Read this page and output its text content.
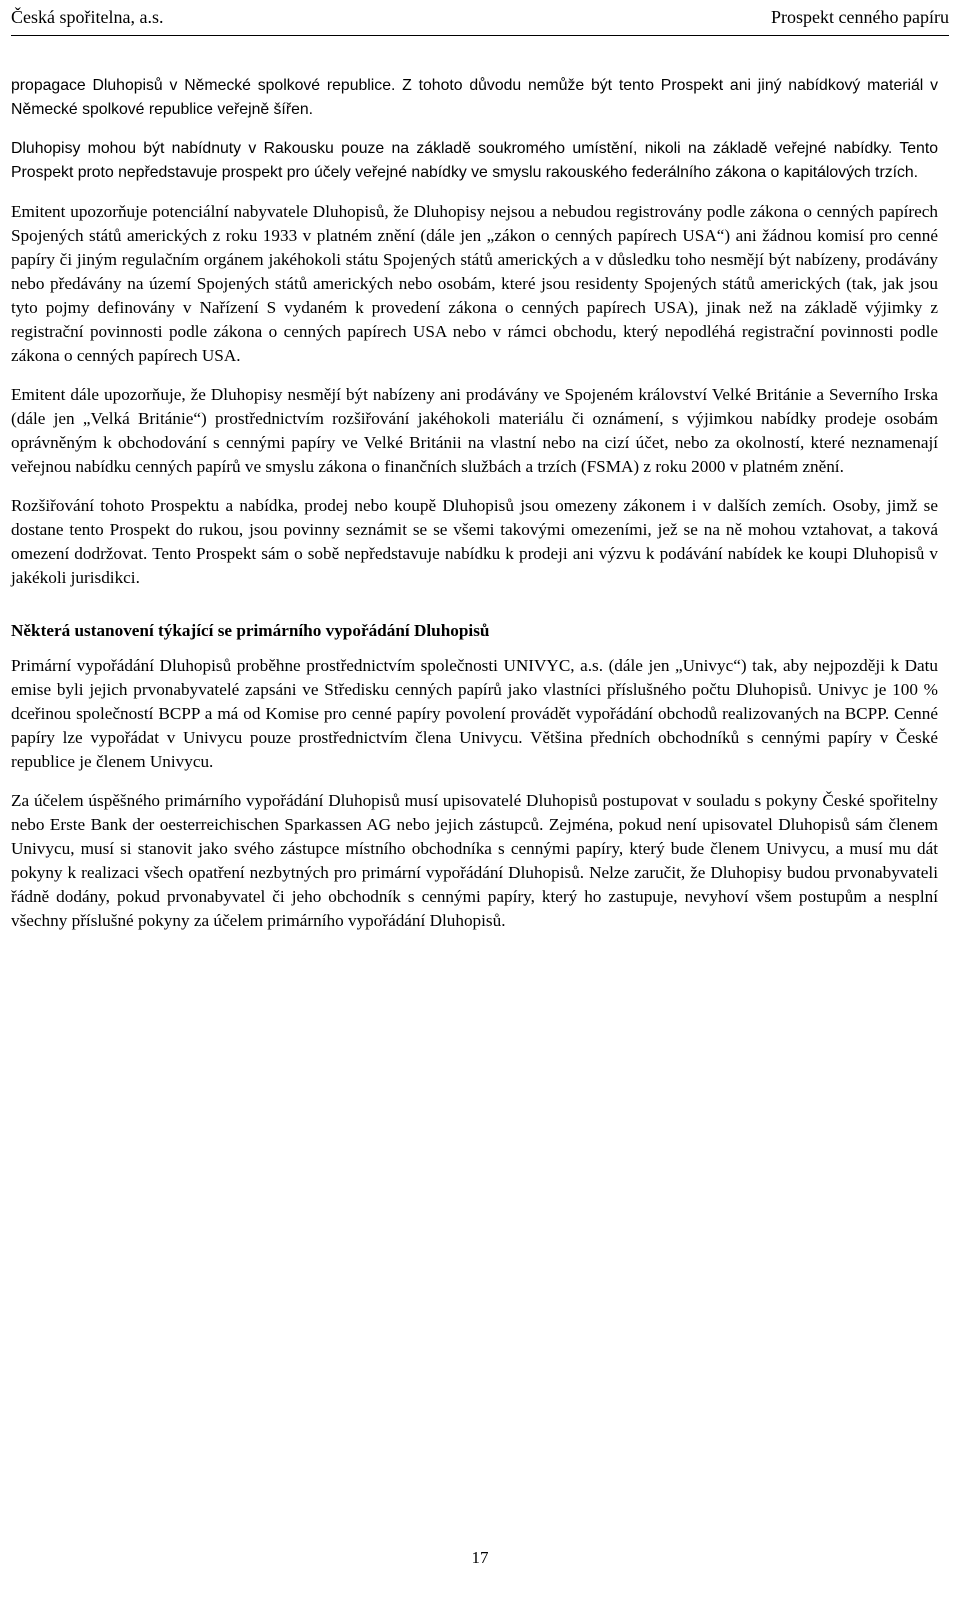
Česká spořitelna, a.s.	Prospekt cenného papíru

propagace Dluhopisů v Německé spolkové republice. Z tohoto důvodu nemůže být tento Prospekt ani jiný nabídkový materiál v Německé spolkové republice veřejně šířen.

Dluhopisy mohou být nabídnuty v Rakousku pouze na základě soukromého umístění, nikoli na základě veřejné nabídky. Tento Prospekt proto nepředstavuje prospekt pro účely veřejné nabídky ve smyslu rakouského federálního zákona o kapitálových trzích.

Emitent upozorňuje potenciální nabyvatele Dluhopisů, že Dluhopisy nejsou a nebudou registrovány podle zákona o cenných papírech Spojených států amerických z roku 1933 v platném znění (dále jen „zákon o cenných papírech USA“) ani žádnou komisí pro cenné papíry či jiným regulačním orgánem jakéhokoli státu Spojených států amerických a v důsledku toho nesmějí být nabízeny, prodávány nebo předávány na území Spojených států amerických nebo osobám, které jsou residenty Spojených států amerických (tak, jak jsou tyto pojmy definovány v Nařízení S vydaném k provedení zákona o cenných papírech USA), jinak než na základě výjimky z registrační povinnosti podle zákona o cenných papírech USA nebo v rámci obchodu, který nepodléhá registrační povinnosti podle zákona o cenných papírech USA.

Emitent dále upozorňuje, že Dluhopisy nesmějí být nabízeny ani prodávány ve Spojeném království Velké Británie a Severního Irska (dále jen „Velká Británie“) prostřednictvím rozšiřování jakéhokoli materiálu či oznámení, s výjimkou nabídky prodeje osobám oprávněným k obchodování s cennými papíry ve Velké Británii na vlastní nebo na cizí účet, nebo za okolností, které neznamenají veřejnou nabídku cenných papírů ve smyslu zákona o finančních službách a trzích (FSMA) z roku 2000 v platném znění.

Rozšiřování tohoto Prospektu a nabídka, prodej nebo koupě Dluhopisů jsou omezeny zákonem i v dalších zemích. Osoby, jimž se dostane tento Prospekt do rukou, jsou povinny seznámit se se všemi takovými omezeními, jež se na ně mohou vztahovat, a taková omezení dodržovat. Tento Prospekt sám o sobě nepředstavuje nabídku k prodeji ani výzvu k podávání nabídek ke koupi Dluhopisů v jakékoli jurisdikci.

Některá ustanovení týkající se primárního vypořádání Dluhopisů

Primární vypořádání Dluhopisů proběhne prostřednictvím společnosti UNIVYC, a.s. (dále jen „Univyc“) tak, aby nejpozději k Datu emise byli jejich prvonabyvatelé zapsáni ve Středisku cenných papírů jako vlastníci příslušného počtu Dluhopisů. Univyc je 100 % dceřinou společností BCPP a má od Komise pro cenné papíry povolení provádět vypořádání obchodů realizovaných na BCPP. Cenné papíry lze vypořádat v Univycu pouze prostřednictvím člena Univycu. Většina předních obchodníků s cennými papíry v České republice je členem Univycu.

Za účelem úspěšného primárního vypořádání Dluhopisů musí upisovatelé Dluhopisů postupovat v souladu s pokyny České spořitelny nebo Erste Bank der oesterreichischen Sparkassen AG nebo jejich zástupců. Zejména, pokud není upisovatel Dluhopisů sám členem Univycu, musí si stanovit jako svého zástupce místního obchodníka s cennými papíry, který bude členem Univycu, a musí mu dát pokyny k realizaci všech opatření nezbytných pro primární vypořádání Dluhopisů. Nelze zaručit, že Dluhopisy budou prvonabyvateli řádně dodány, pokud prvonabyvatel či jeho obchodník s cennými papíry, který ho zastupuje, nevyhoví všem postupům a nesplní všechny příslušné pokyny za účelem primárního vypořádání Dluhopisů.

17
